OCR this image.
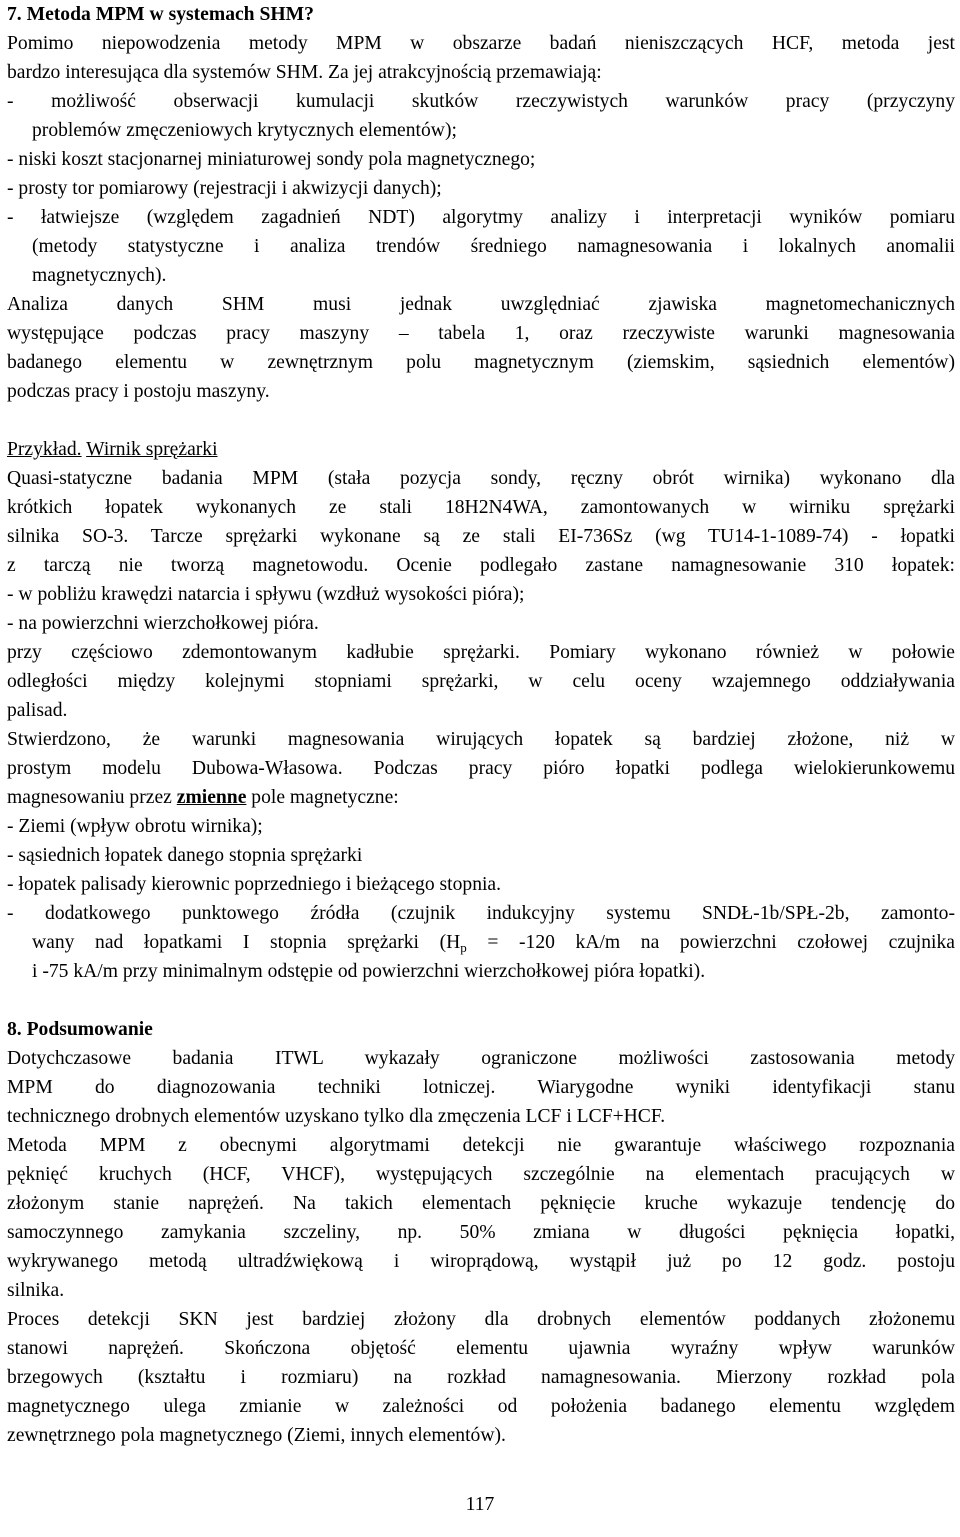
7. Metoda MPM w systemach SHM?
Pomimo niepowodzenia metody MPM w obszarze badań nieniszczących HCF, metoda jest
bardzo interesująca dla systemów SHM. Za jej atrakcyjnością przemawiają:
- możliwość obserwacji kumulacji skutków rzeczywistych warunków pracy (przyczyny
problemów zmęczeniowych krytycznych elementów);
- niski koszt stacjonarnej miniaturowej sondy pola magnetycznego;
- prosty tor pomiarowy (rejestracji i akwizycji danych);
- łatwiejsze (względem zagadnień NDT) algorytmy analizy i interpretacji wyników pomiaru
(metody statystyczne i analiza trendów średniego namagnesowania i lokalnych anomalii
magnetycznych).
Analiza danych SHM musi jednak uwzględniać zjawiska magnetomechanicznych
występujące podczas pracy maszyny – tabela 1, oraz rzeczywiste warunki magnesowania
badanego elementu w zewnętrznym polu magnetycznym (ziemskim, sąsiednich elementów)
podczas pracy i postoju maszyny.
Przykład. Wirnik sprężarki
Quasi-statyczne badania MPM (stała pozycja sondy, ręczny obrót wirnika) wykonano dla
krótkich łopatek wykonanych ze stali 18H2N4WA, zamontowanych w wirniku sprężarki
silnika SO-3. Tarcze sprężarki wykonane są ze stali EI-736Sz (wg TU14-1-1089-74) - łopatki
z tarczą nie tworzą magnetowodu. Ocenie podlegało zastane namagnesowanie 310 łopatek:
- w pobliżu krawędzi natarcia i spływu (wzdłuż wysokości pióra);
- na powierzchni wierzchołkowej pióra.
przy częściowo zdemontowanym kadłubie sprężarki. Pomiary wykonano również w połowie
odległości między kolejnymi stopniami sprężarki, w celu oceny wzajemnego oddziaływania
palisad.
Stwierdzono, że warunki magnesowania wirujących łopatek są bardziej złożone, niż w
prostym modelu Dubowa-Własowa. Podczas pracy pióro łopatki podlega wielokierunkowemu
magnesowaniu przez zmienne pole magnetyczne:
- Ziemi (wpływ obrotu wirnika);
- sąsiednich łopatek danego stopnia sprężarki
- łopatek palisady kierownic poprzedniego i bieżącego stopnia.
- dodatkowego punktowego źródła (czujnik indukcyjny systemu SNDŁ-1b/SPŁ-2b, zamonto-
wany nad łopatkami I stopnia sprężarki ($H_p = -120$ kA/m na powierzchni czołowej czujnika
i -75 kA/m przy minimalnym odstępie od powierzchni wierzchołkowej pióra łopatki).
8. Podsumowanie
Dotychczasowe badania ITWL wykazały ograniczone możliwości zastosowania metody
MPM do diagnozowania techniki lotniczej. Wiarygodne wyniki identyfikacji stanu
technicznego drobnych elementów uzyskano tylko dla zmęczenia LCF i LCF+HCF.
Metoda MPM z obecnymi algorytmami detekcji nie gwarantuje właściwego rozpoznania
pęknięć kruchych (HCF, VHCF), występujących szczególnie na elementach pracujących w
złożonym stanie naprężeń. Na takich elementach pęknięcie kruche wykazuje tendencję do
samoczynnego zamykania szczeliny, np. 50% zmiana w długości pęknięcia łopatki,
wykrywanego metodą ultradźwiękową i wiroprądową, wystąpił już po 12 godz. postoju
silnika.
Proces detekcji SKN jest bardziej złożony dla drobnych elementów poddanych złożonemu
stanowi naprężeń. Skończona objętość elementu ujawnia wyraźny wpływ warunków
brzegowych (kształtu i rozmiaru) na rozkład namagnesowania. Mierzony rozkład pola
magnetycznego ulega zmianie w zależności od położenia badanego elementu względem
zewnętrznego pola magnetycznego (Ziemi, innych elementów).
117
